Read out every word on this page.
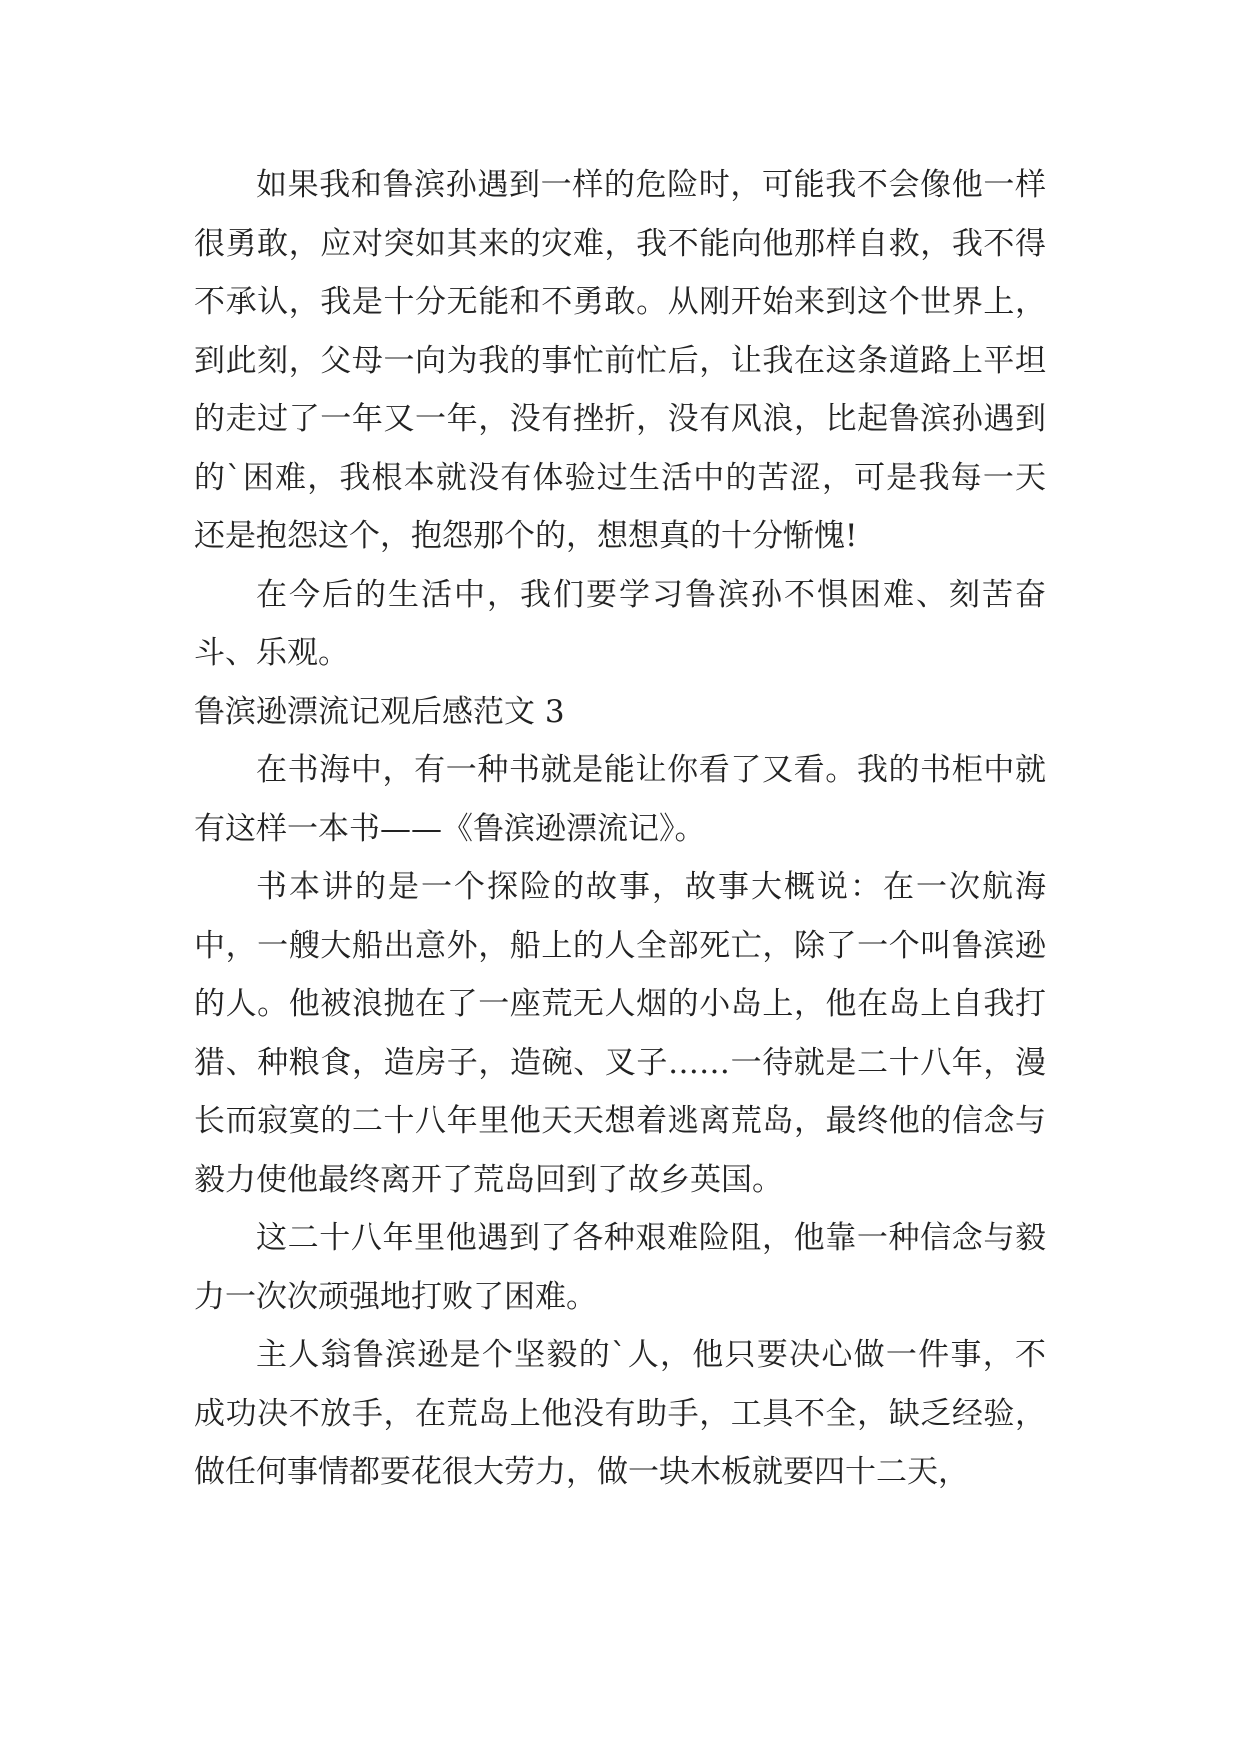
如果我和鲁滨孙遇到一样的危险时，可能我不会像他一样很勇敢，应对突如其来的灾难，我不能向他那样自救，我不得不承认，我是十分无能和不勇敢。从刚开始来到这个世界上，到此刻，父母一向为我的事忙前忙后，让我在这条道路上平坦的走过了一年又一年，没有挫折，没有风浪，比起鲁滨孙遇到的`困难，我根本就没有体验过生活中的苦涩，可是我每一天还是抱怨这个，抱怨那个的，想想真的十分惭愧!

在今后的生活中，我们要学习鲁滨孙不惧困难、刻苦奋斗、乐观。

鲁滨逊漂流记观后感范文 3

在书海中，有一种书就是能让你看了又看。我的书柜中就有这样一本书——《鲁滨逊漂流记》。

书本讲的是一个探险的故事，故事大概说：在一次航海中，一艘大船出意外，船上的人全部死亡，除了一个叫鲁滨逊的人。他被浪抛在了一座荒无人烟的小岛上，他在岛上自我打猎、种粮食，造房子，造碗、叉子……一待就是二十八年，漫长而寂寞的二十八年里他天天想着逃离荒岛，最终他的信念与毅力使他最终离开了荒岛回到了故乡英国。

这二十八年里他遇到了各种艰难险阻，他靠一种信念与毅力一次次顽强地打败了困难。

主人翁鲁滨逊是个坚毅的`人，他只要决心做一件事，不成功决不放手，在荒岛上他没有助手，工具不全，缺乏经验，做任何事情都要花很大劳力，做一块木板就要四十二天，
